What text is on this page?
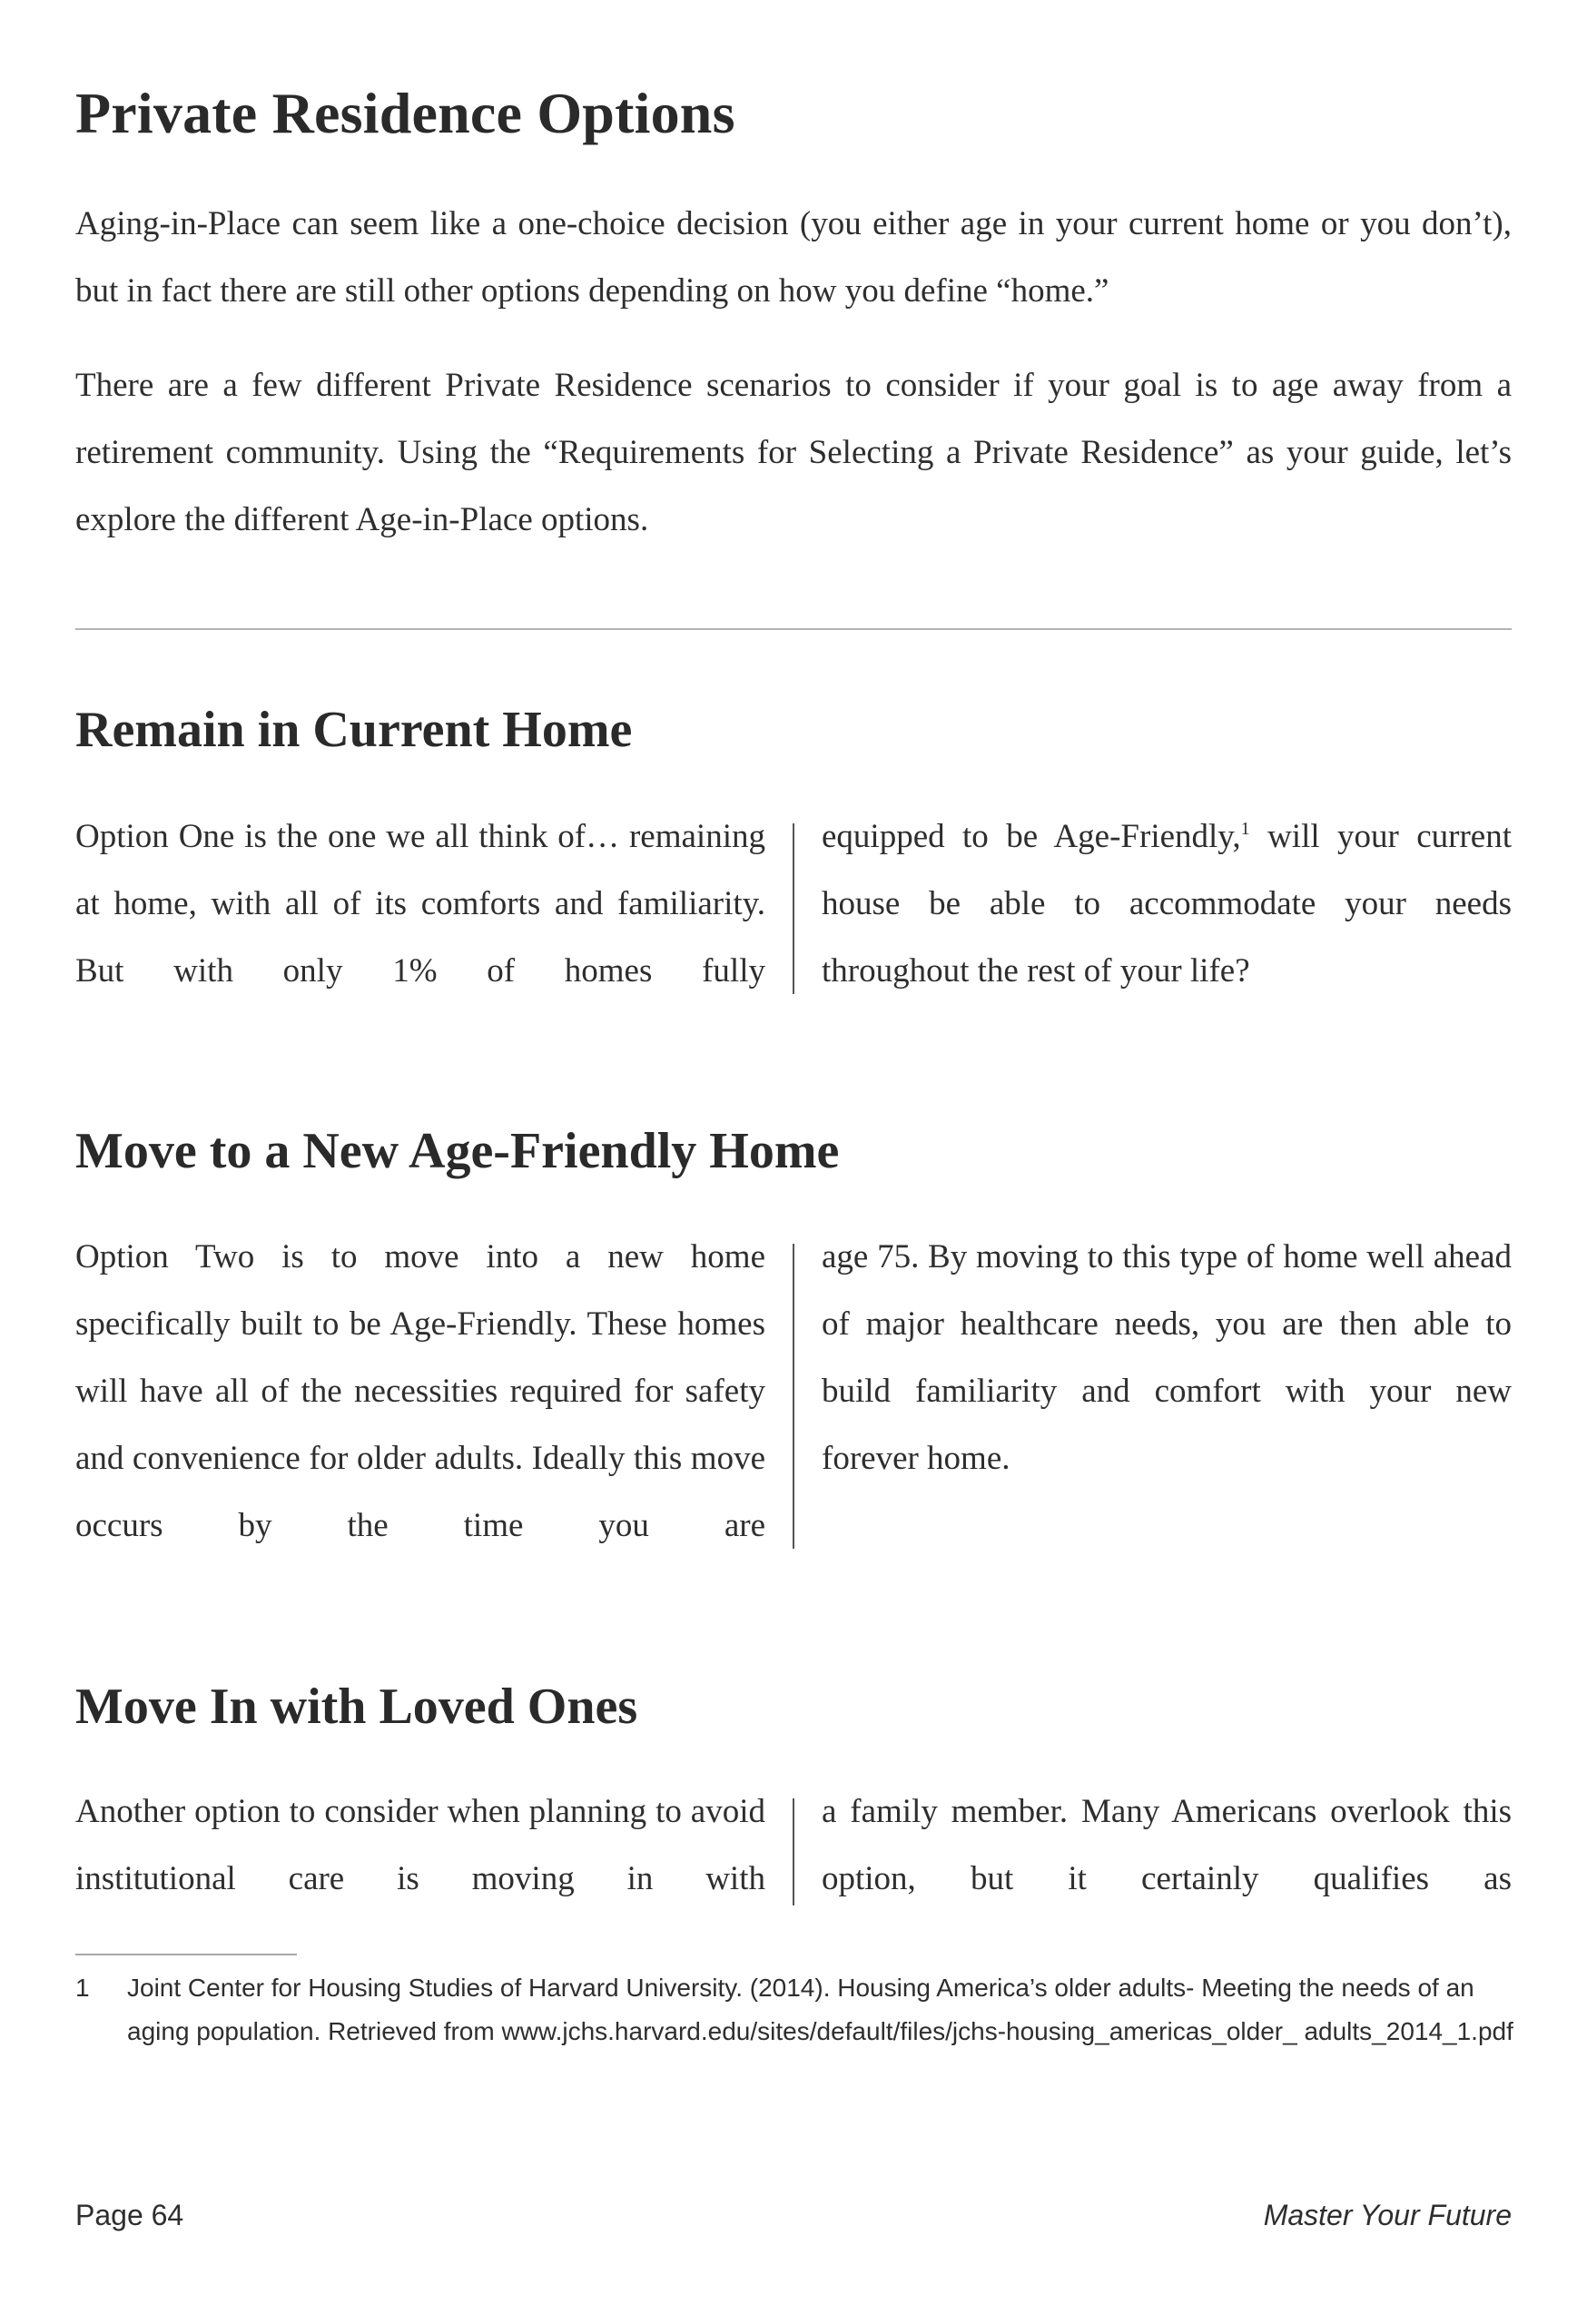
Private Residence Options

Aging-in-Place can seem like a one-choice decision (you either age in your current home or you don’t), but in fact there are still other options depending on how you define “home.”

There are a few different Private Residence scenarios to consider if your goal is to age away from a retirement community. Using the “Requirements for Selecting a Private Residence” as your guide, let’s explore the different Age-in-Place options.

Remain in Current Home

Option One is the one we all think of… remaining at home, with all of its comforts and familiarity. But with only 1% of homes fully

equipped to be Age-Friendly,$^1$ will your current house be able to accommodate your needs throughout the rest of your life?

Move to a New Age-Friendly Home

Option Two is to move into a new home specifically built to be Age-Friendly. These homes will have all of the necessities required for safety and convenience for older adults. Ideally this move occurs by the time you are

age 75. By moving to this type of home well ahead of major healthcare needs, you are then able to build familiarity and comfort with your new forever home.

Move In with Loved Ones

Another option to consider when planning to avoid institutional care is moving in with

a family member. Many Americans overlook this option, but it certainly qualifies as

1	Joint Center for Housing Studies of Harvard University. (2014). Housing America’s older adults- Meeting the needs of an aging population. Retrieved from www.jchs.harvard.edu/sites/default/files/jchs-housing_americas_older_ adults_2014_1.pdf
Page 64	Master Your Future
